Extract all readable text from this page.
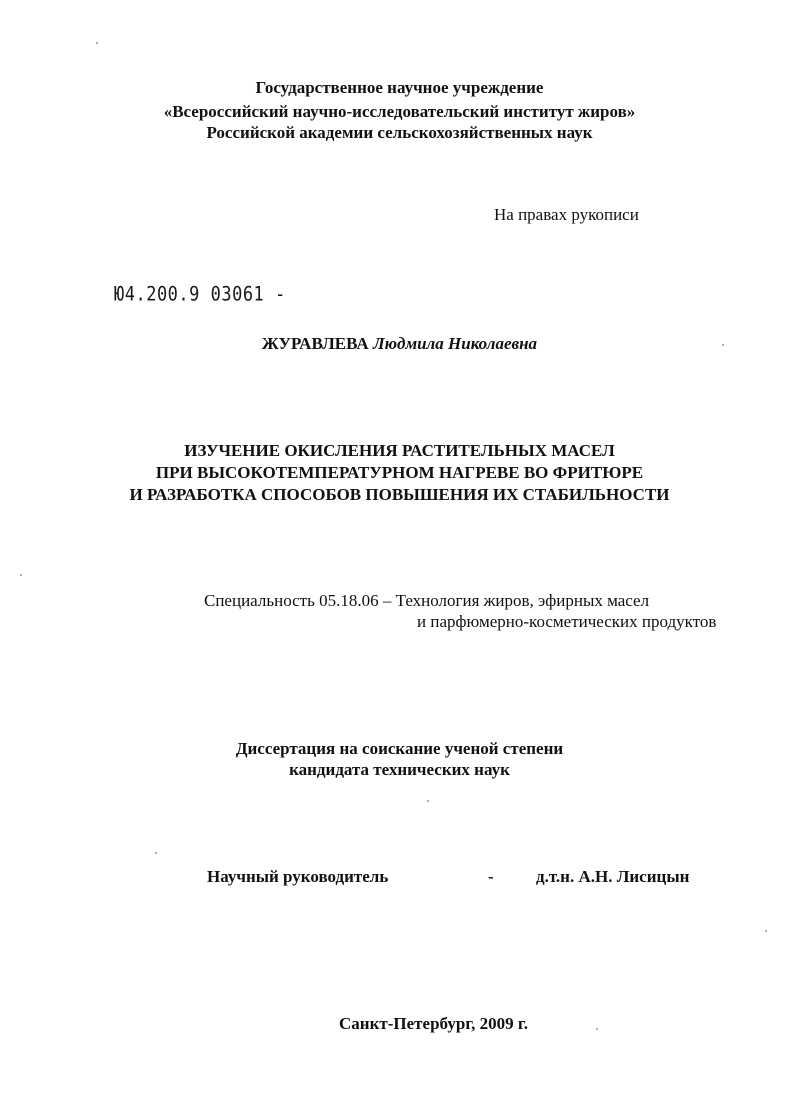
Государственное научное учреждение
«Всероссийский научно-исследовательский институт жиров»
Российской академии сельскохозяйственных наук
На правах рукописи
Ю4.200.9 03061 -
ЖУРАВЛЕВА Людмила Николаевна
ИЗУЧЕНИЕ ОКИСЛЕНИЯ РАСТИТЕЛЬНЫХ МАСЕЛ
ПРИ ВЫСОКОТЕМПЕРАТУРНОМ НАГРЕВЕ ВО ФРИТЮРЕ
И РАЗРАБОТКА СПОСОБОВ ПОВЫШЕНИЯ ИХ СТАБИЛЬНОСТИ
Специальность 05.18.06 – Технология жиров, эфирных масел
и парфюмерно-косметических продуктов
Диссертация на соискание ученой степени
кандидата технических наук
Научный руководитель	- д.т.н. А.Н. Лисицын
Санкт-Петербург, 2009 г.
